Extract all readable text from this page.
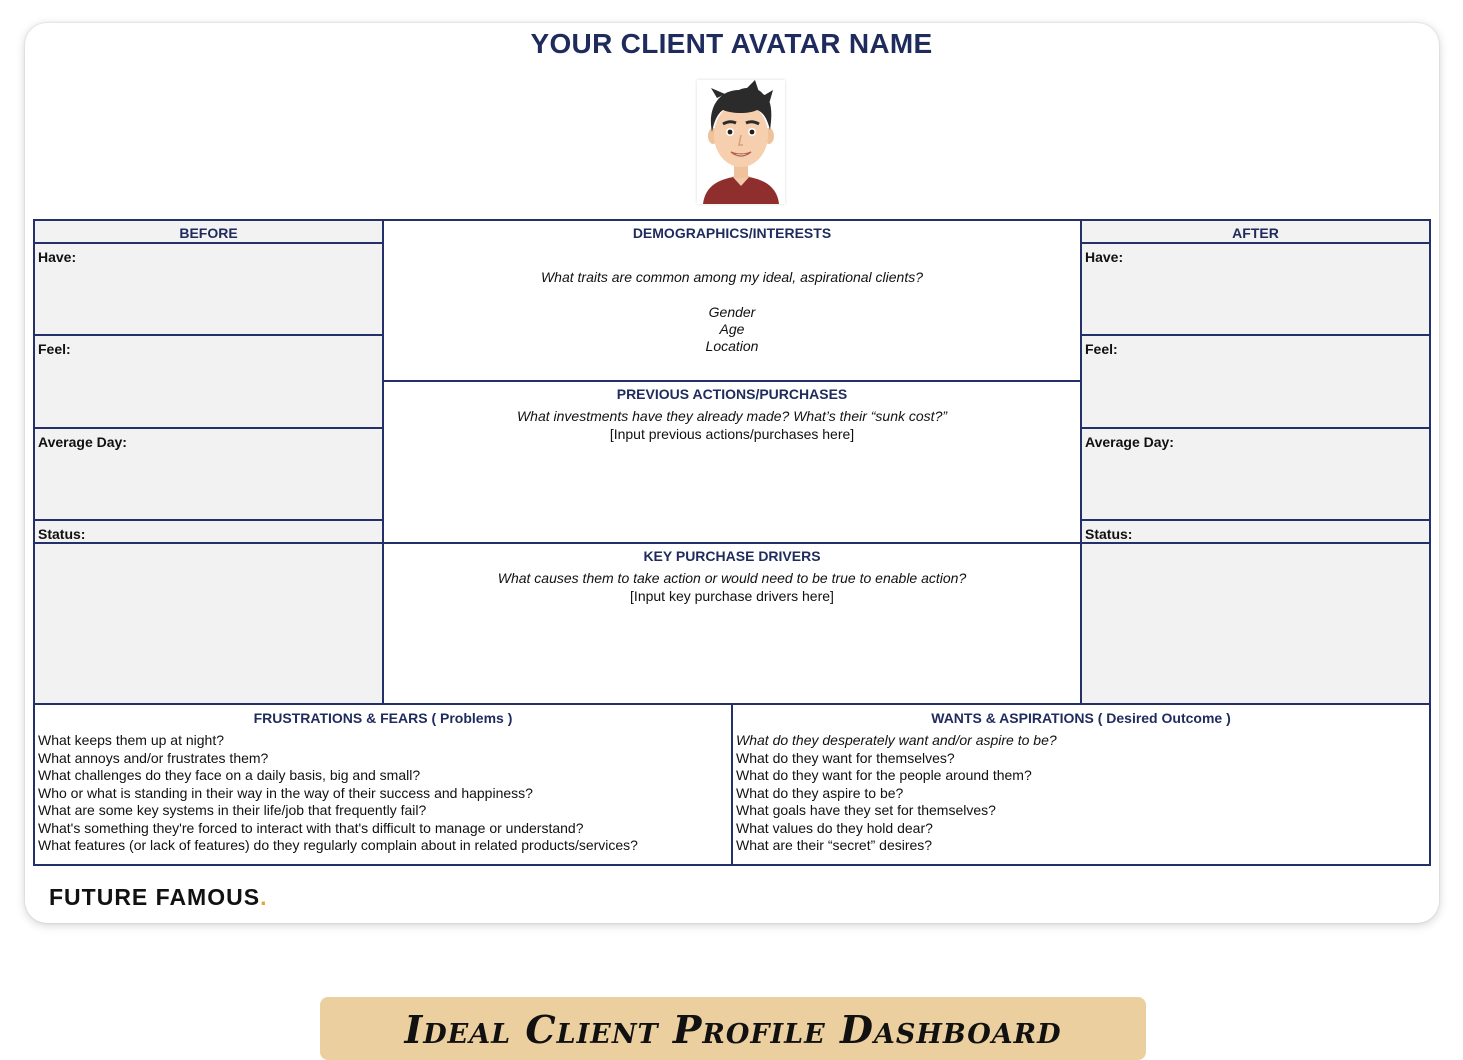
YOUR CLIENT AVATAR NAME
BEFORE
Have:
Feel:
Average Day:
Status:
AFTER
Have:
Feel:
Average Day:
Status:
DEMOGRAPHICS/INTERESTS
What traits are common among my ideal, aspirational clients?
Gender
Age
Location
PREVIOUS ACTIONS/PURCHASES
What investments have they already made? What’s their “sunk cost?”
[Input previous actions/purchases here]
KEY PURCHASE DRIVERS
What causes them to take action or would need to be true to enable action?
[Input key purchase drivers here]
FRUSTRATIONS & FEARS ( Problems )
What keeps them up at night?
What annoys and/or frustrates them?
What challenges do they face on a daily basis, big and small?
Who or what is standing in their way in the way of their success and happiness?
What are some key systems in their life/job that frequently fail?
What's something they're forced to interact with that's difficult to manage or understand?
What features (or lack of features) do they regularly complain about in related products/services?
WANTS & ASPIRATIONS ( Desired Outcome )
What do they desperately want and/or aspire to be?
What do they want for themselves?
What do they want for the people around them?
What do they aspire to be?
What goals have they set for themselves?
What values do they hold dear?
What are their “secret” desires?
FUTURE FAMOUS.
Ideal Client Profile Dashboard
